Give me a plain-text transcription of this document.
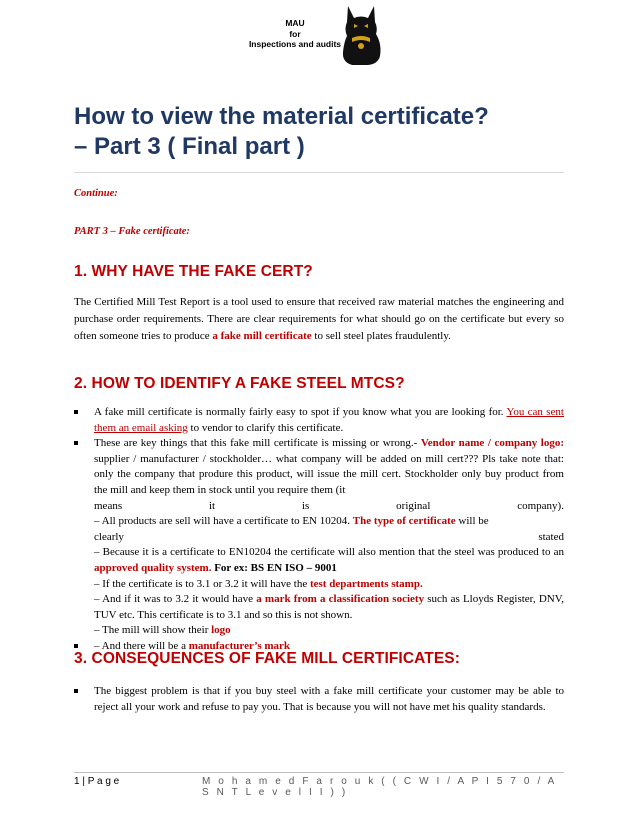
MAU
for
Inspections and audits
How to view the material certificate?
– Part 3 ( Final part )
Continue:
PART 3 – Fake certificate:
1. WHY HAVE THE FAKE CERT?

The Certified Mill Test Report is a tool used to ensure that received raw material matches the engineering and purchase order requirements. There are clear requirements for what should go on the certificate but every so often someone tries to produce a fake mill certificate to sell steel plates fraudulently.

2. HOW TO IDENTIFY A FAKE STEEL MTCS?
A fake mill certificate is normally fairly easy to spot if you know what you are looking for. You can sent them an email asking to vendor to clarify this certificate.
These are key things that this fake mill certificate is missing or wrong.- Vendor name / company logo: supplier / manufacturer / stockholder… what company will be added on mill cert??? Pls take note that: only the company that produre this product, will issue the mill cert. Stockholder only buy product from the mill and keep them in stock until you require them (it
means	it	is	original	company).
– All products are sell will have a certificate to EN 10204. The type of certificate will be
clearly	stated
– Because it is a certificate to EN10204 the certificate will also mention that the steel was produced to an approved quality system. For ex: BS EN ISO – 9001
– If the certificate is to 3.1 or 3.2 it will have the test departments stamp.
– And if it was to 3.2 it would have a mark from a classification society such as Lloyds Register, DNV, TUV etc. This certificate is to 3.1 and so this is not shown.
– The mill will show their logo
– And there will be a manufacturer’s mark
3. CONSEQUENCES OF FAKE MILL CERTIFICATES:
The biggest problem is that if you buy steel with a fake mill certificate your customer may be able to reject all your work and refuse to pay you. That is because you will not have met his quality standards.
1 | P a g e	M o h a m e d F a r o u k ( ( C W I / A P I 5 7 0 / A S N T L e v e l I I ) )
